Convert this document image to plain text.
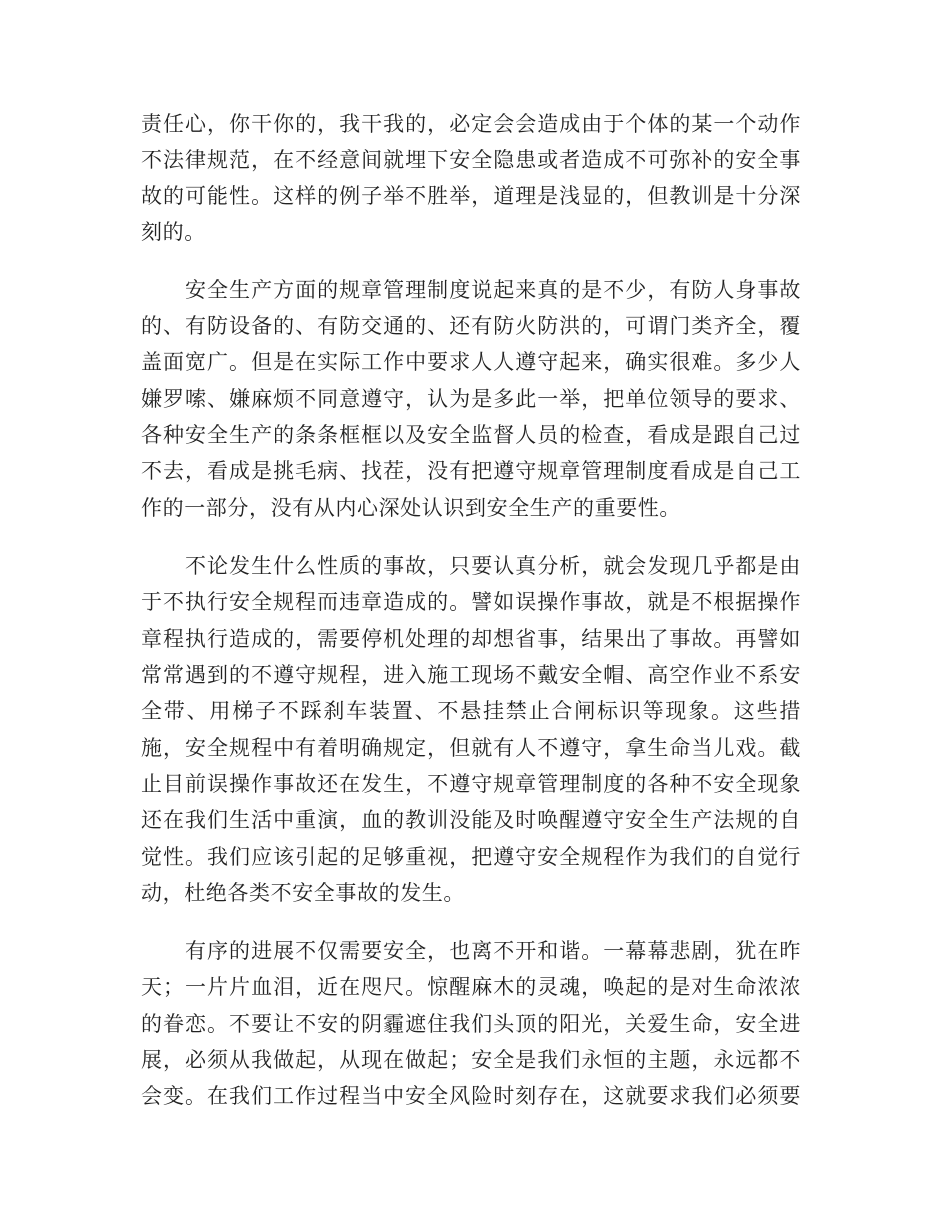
责任心，你干你的，我干我的，必定会会造成由于个体的某一个动作
不法律规范，在不经意间就埋下安全隐患或者造成不可弥补的安全事
故的可能性。这样的例子举不胜举，道理是浅显的，但教训是十分深
刻的。
　　安全生产方面的规章管理制度说起来真的是不少，有防人身事故
的、有防设备的、有防交通的、还有防火防洪的，可谓门类齐全，覆
盖面宽广。但是在实际工作中要求人人遵守起来，确实很难。多少人
嫌罗嗦、嫌麻烦不同意遵守，认为是多此一举，把单位领导的要求、
各种安全生产的条条框框以及安全监督人员的检查，看成是跟自己过
不去，看成是挑毛病、找茬，没有把遵守规章管理制度看成是自己工
作的一部分，没有从内心深处认识到安全生产的重要性。
　　不论发生什么性质的事故，只要认真分析，就会发现几乎都是由
于不执行安全规程而违章造成的。譬如误操作事故，就是不根据操作
章程执行造成的，需要停机处理的却想省事，结果出了事故。再譬如
常常遇到的不遵守规程，进入施工现场不戴安全帽、高空作业不系安
全带、用梯子不踩刹车装置、不悬挂禁止合闸标识等现象。这些措
施，安全规程中有着明确规定，但就有人不遵守，拿生命当儿戏。截
止目前误操作事故还在发生，不遵守规章管理制度的各种不安全现象
还在我们生活中重演，血的教训没能及时唤醒遵守安全生产法规的自
觉性。我们应该引起的足够重视，把遵守安全规程作为我们的自觉行
动，杜绝各类不安全事故的发生。
　　有序的进展不仅需要安全，也离不开和谐。一幕幕悲剧，犹在昨
天；一片片血泪，近在咫尺。惊醒麻木的灵魂，唤起的是对生命浓浓
的眷恋。不要让不安的阴霾遮住我们头顶的阳光，关爱生命，安全进
展，必须从我做起，从现在做起；安全是我们永恒的主题，永远都不
会变。在我们工作过程当中安全风险时刻存在，这就要求我们必须要
